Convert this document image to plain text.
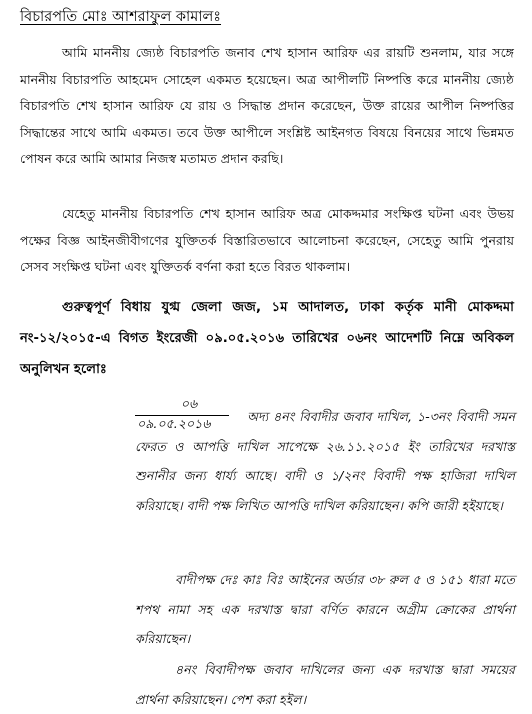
বিচারপতি মোঃ আশরাফুল কামালঃ

আমি মাননীয় জ্যেষ্ঠ বিচারপতি জনাব শেখ হাসান আরিফ এর রায়টি শুনলাম, যার সঙ্গে মাননীয় বিচারপতি আহমেদ সোহেল একমত হয়েছেন। অত্র আপীলটি নিষ্পত্তি করে মাননীয় জ্যেষ্ঠ বিচারপতি শেখ হাসান আরিফ যে রায় ও সিদ্ধান্ত প্রদান করেছেন, উক্ত রায়ের আপীল নিষ্পত্তির সিদ্ধান্তের সাথে আমি একমত। তবে উক্ত আপীলে সংশ্লিষ্ট আইনগত বিষয়ে বিনয়ের সাথে ভিন্নমত পোষন করে আমি আমার নিজস্ব মতামত প্রদান করছি।

যেহেতু মাননীয় বিচারপতি শেখ হাসান আরিফ অত্র মোকদ্দমার সংক্ষিপ্ত ঘটনা এবং উভয় পক্ষের বিজ্ঞ আইনজীবীগণের যুক্তিতর্ক বিস্তারিতভাবে আলোচনা করেছেন, সেহেতু আমি পুনরায় সেসব সংক্ষিপ্ত ঘটনা এবং যুক্তিতর্ক বর্ণনা করা হতে বিরত থাকলাম।

গুরুত্বপূর্ণ বিধায় যুগ্ম জেলা জজ, ১ম আদালত, ঢাকা কর্তৃক মানী মোকদ্দমা নং-১২/২০১৫-এ বিগত ইংরেজী ০৯.০৫.২০১৬ তারিখের ০৬নং আদেশটি নিম্নে অবিকল অনুলিখন হলোঃ

০৬
০৯.০৫.২০১৬	অদ্য ৪নং বিবাদীর জবাব দাখিল, ১-৩নং বিবাদী সমন ফেরত ও আপত্তি দাখিল সাপেক্ষে ২৬.১১.২০১৫ ইং তারিখের দরখাস্ত শুনানীর জন্য ধার্য্য আছে। বাদী ও ১/২নং বিবাদী পক্ষ হাজিরা দাখিল করিয়াছে। বাদী পক্ষ লিখিত আপত্তি দাখিল করিয়াছেন। কপি জারী হইয়াছে।

বাদীপক্ষ দেঃ কাঃ বিঃ আইনের অর্ডার ৩৮ রুল ৫ ও ১৫১ ধারা মতে শপথ নামা সহ এক দরখাস্ত দ্বারা বর্ণিত কারনে অগ্রীম ক্রোকের প্রার্থনা করিয়াছেন।

৪নং বিবাদীপক্ষ জবাব দাখিলের জন্য এক দরখাস্ত দ্বারা সময়ের প্রার্থনা করিয়াছেন। পেশ করা হইল।
